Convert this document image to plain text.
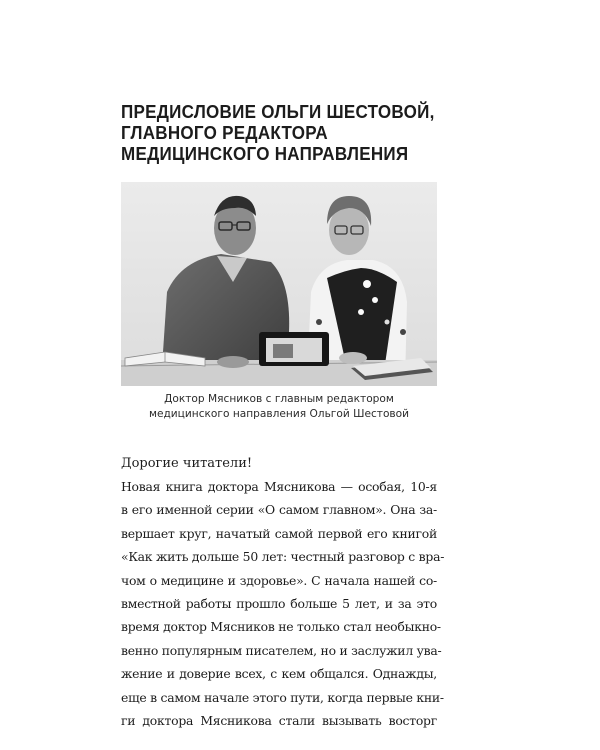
ПРЕДИСЛОВИЕ ОЛЬГИ ШЕСТОВОЙ,
ГЛАВНОГО РЕДАКТОРА
МЕДИЦИНСКОГО НАПРАВЛЕНИЯ
Доктор Мясников с главным редактором
медицинского направления Ольгой Шестовой
Дорогие читатели!
Новая книга доктора Мясникова — особая, 10-я
в его именной серии «О самом главном». Она за-
вершает круг, начатый самой первой его книгой
«Как жить дольше 50 лет: честный разговор с вра-
чом о медицине и здоровье». С начала нашей со-
вместной работы прошло больше 5 лет, и за это
время доктор Мясников не только стал необыкно-
венно популярным писателем, но и заслужил ува-
жение и доверие всех, с кем общался. Однажды,
еще в самом начале этого пути, когда первые кни-
ги доктора Мясникова стали вызывать восторг
